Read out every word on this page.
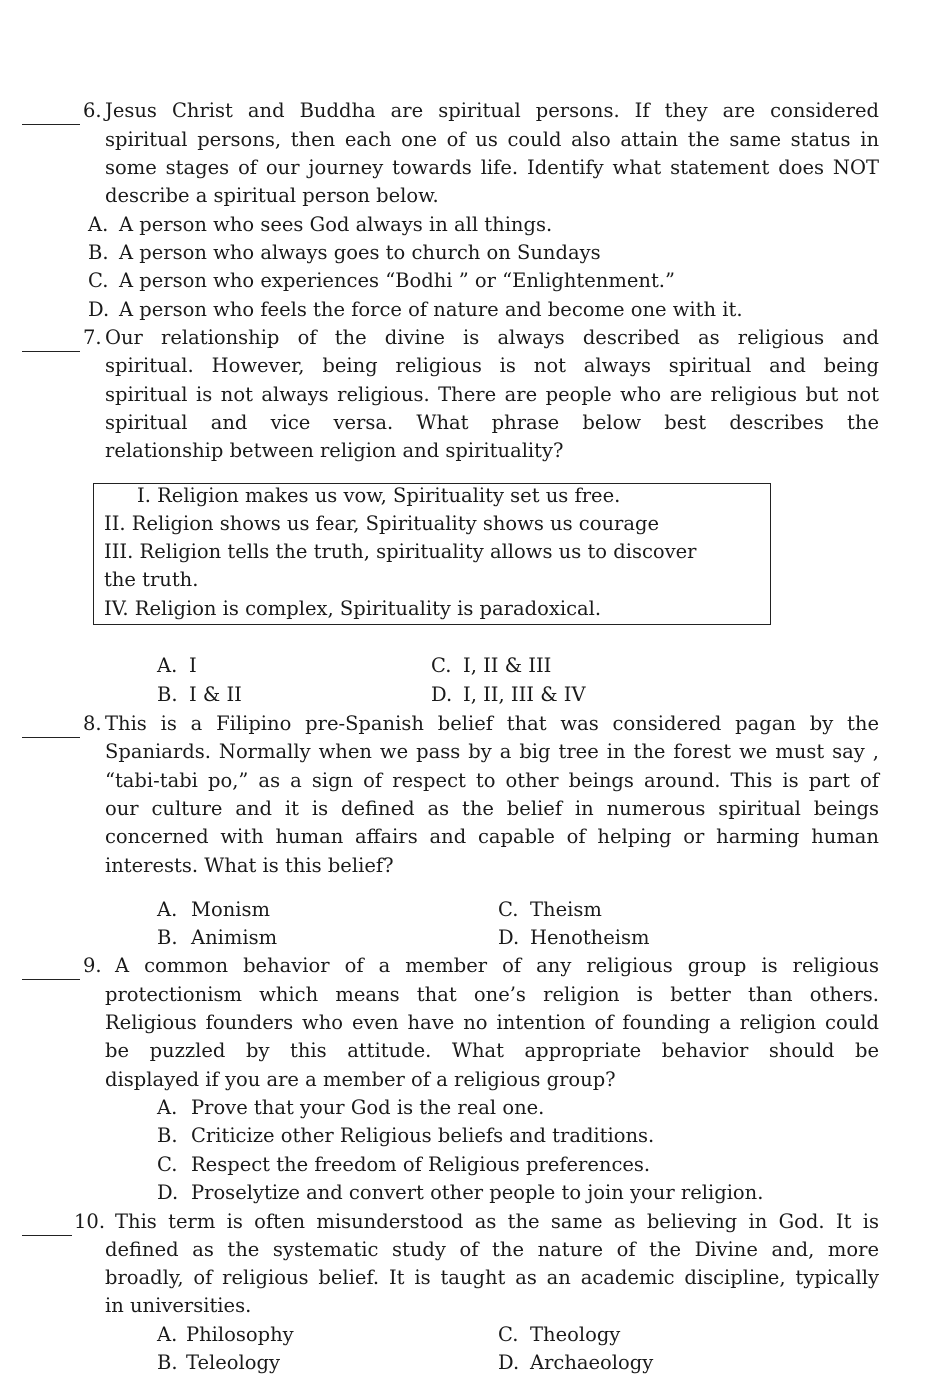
6. Jesus Christ and Buddha are spiritual persons. If they are considered
spiritual persons, then each one of us could also attain the same status in
some stages of our journey towards life. Identify what statement does NOT
describe a spiritual person below.
A. A person who sees God always in all things.
B. A person who always goes to church on Sundays
C. A person who experiences “Bodhi ” or “Enlightenment.”
D. A person who feels the force of nature and become one with it.
7. Our relationship of the divine is always described as religious and
spiritual. However, being religious is not always spiritual and being
spiritual is not always religious. There are people who are religious but not
spiritual and vice versa. What phrase below best describes the
relationship between religion and spirituality?
I. Religion makes us vow, Spirituality set us free.
II. Religion shows us fear, Spirituality shows us courage
III. Religion tells the truth, spirituality allows us to discover
the truth.
IV. Religion is complex, Spirituality is paradoxical.
A. I
B. I & II
C. I, II & III
D. I, II, III & IV
8. This is a Filipino pre-Spanish belief that was considered pagan by the
Spaniards. Normally when we pass by a big tree in the forest we must say ,
“tabi-tabi po,” as a sign of respect to other beings around. This is part of
our culture and it is defined as the belief in numerous spiritual beings
concerned with human affairs and capable of helping or harming human
interests. What is this belief?
A. Monism
B. Animism
C. Theism
D. Henotheism
9. A common behavior of a member of any religious group is religious
protectionism which means that one’s religion is better than others.
Religious founders who even have no intention of founding a religion could
be puzzled by this attitude. What appropriate behavior should be
displayed if you are a member of a religious group?
A. Prove that your God is the real one.
B. Criticize other Religious beliefs and traditions.
C. Respect the freedom of Religious preferences.
D. Proselytize and convert other people to join your religion.
10. This term is often misunderstood as the same as believing in God. It is
defined as the systematic study of the nature of the Divine and, more
broadly, of religious belief. It is taught as an academic discipline, typically
in universities.
A. Philosophy
B. Teleology
C. Theology
D. Archaeology
